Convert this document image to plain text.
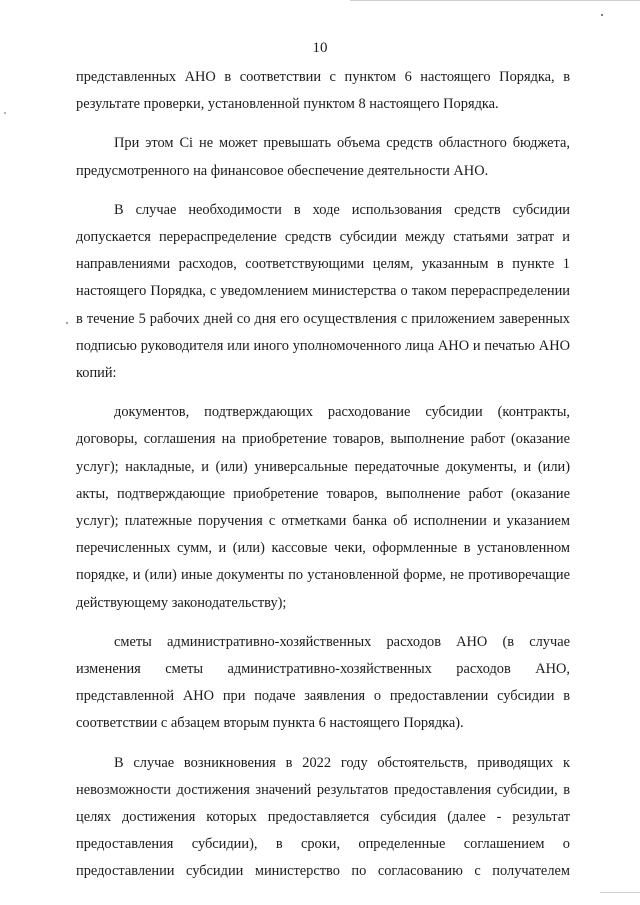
10

представленных АНО в соответствии с пунктом 6 настоящего Порядка, в результате проверки, установленной пунктом 8 настоящего Порядка.

При этом Сi не может превышать объема средств областного бюджета, предусмотренного на финансовое обеспечение деятельности АНО.

В случае необходимости в ходе использования средств субсидии допускается перераспределение средств субсидии между статьями затрат и направлениями расходов, соответствующими целям, указанным в пункте 1 настоящего Порядка, с уведомлением министерства о таком перераспределении в течение 5 рабочих дней со дня его осуществления с приложением заверенных подписью руководителя или иного уполномоченного лица АНО и печатью АНО копий:

документов, подтверждающих расходование субсидии (контракты, договоры, соглашения на приобретение товаров, выполнение работ (оказание услуг); накладные, и (или) универсальные передаточные документы, и (или) акты, подтверждающие приобретение товаров, выполнение работ (оказание услуг); платежные поручения с отметками банка об исполнении и указанием перечисленных сумм, и (или) кассовые чеки, оформленные в установленном порядке, и (или) иные документы по установленной форме, не противоречащие действующему законодательству);

сметы административно-хозяйственных расходов АНО (в случае изменения сметы административно-хозяйственных расходов АНО, представленной АНО при подаче заявления о предоставлении субсидии в соответствии с абзацем вторым пункта 6 настоящего Порядка).

В случае возникновения в 2022 году обстоятельств, приводящих к невозможности достижения значений результатов предоставления субсидии, в целях достижения которых предоставляется субсидия (далее - результат предоставления субсидии), в сроки, определенные соглашением о предоставлении субсидии министерство по согласованию с получателем
